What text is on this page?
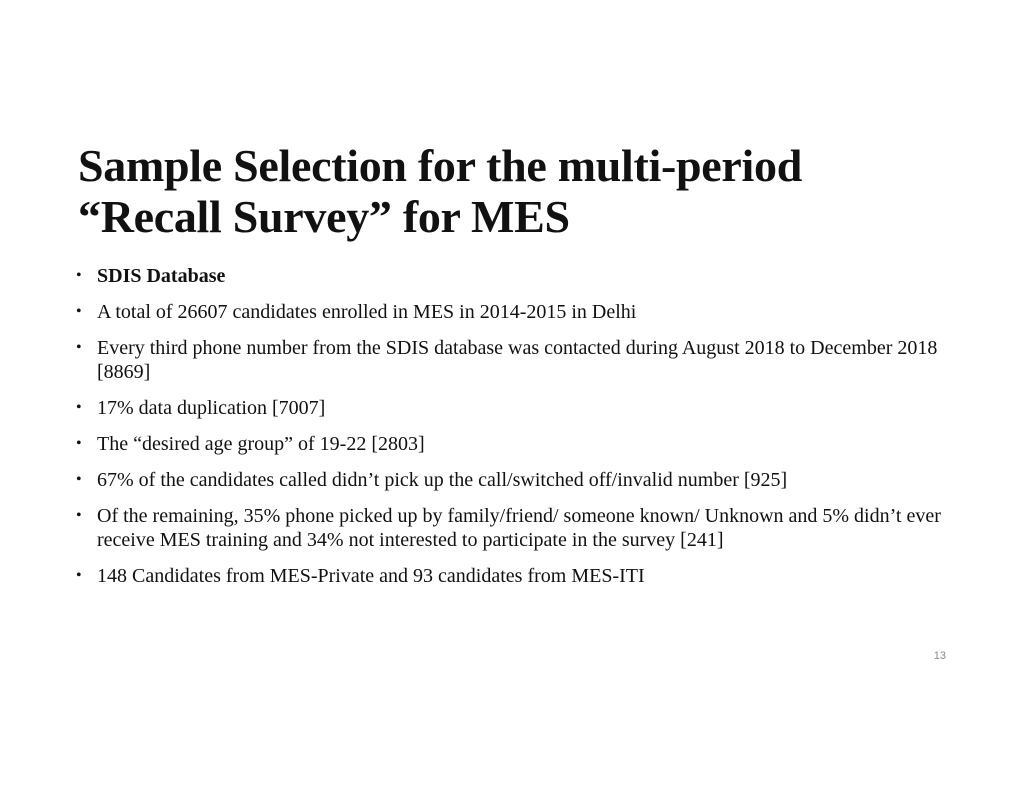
Sample Selection for the multi-period
“Recall Survey” for MES
• SDIS Database
• A total of 26607 candidates enrolled in MES in 2014-2015 in Delhi
• Every third phone number from the SDIS database was contacted during August 2018 to December 2018 [8869]
• 17% data duplication [7007]
• The “desired age group” of 19-22 [2803]
• 67% of the candidates called didn’t pick up the call/switched off/invalid number [925]
• Of the remaining, 35% phone picked up by family/friend/ someone known/ Unknown and 5% didn’t ever receive MES training and 34% not interested to participate in the survey [241]
• 148 Candidates from MES-Private and 93 candidates from MES-ITI
13
